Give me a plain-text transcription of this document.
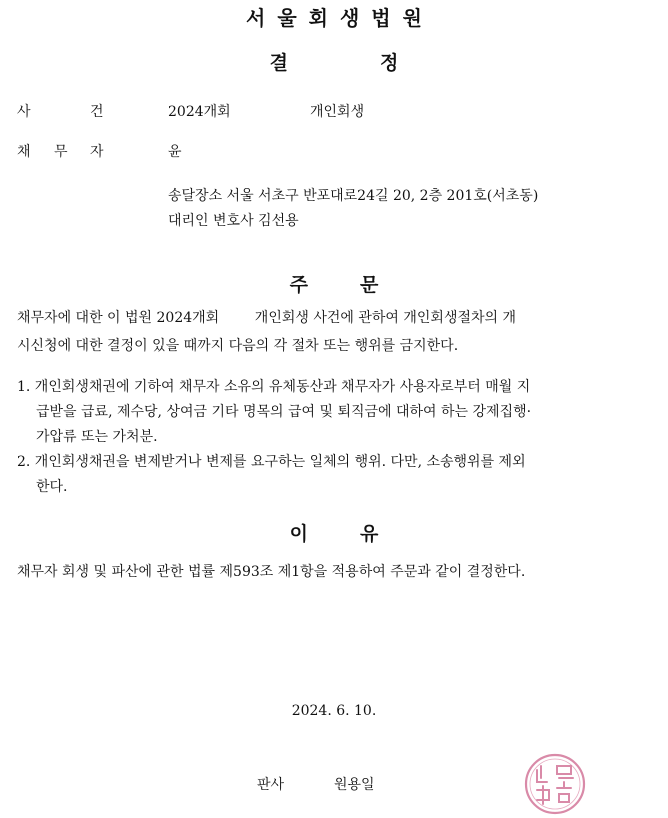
서울회생법원
결	정
사	건	2024개회	개인회생
채 무 자	윤
송달장소 서울 서초구 반포대로24길 20, 2층 201호(서초동)
대리인 변호사 김선용
주	문
채무자에 대한 이 법원 2024개회        개인회생 사건에 관하여 개인회생절차의 개
시신청에 대한 결정이 있을 때까지 다음의 각 절차 또는 행위를 금지한다.
1. 개인회생채권에 기하여 채무자 소유의 유체동산과 채무자가 사용자로부터 매월 지
급받을 급료, 제수당, 상여금 기타 명목의 급여 및 퇴직금에 대하여 하는 강제집행·
가압류 또는 가처분.
2. 개인회생채권을 변제받거나 변제를 요구하는 일체의 행위. 다만, 소송행위를 제외
한다.
이	유
채무자 회생 및 파산에 관한 법률 제593조 제1항을 적용하여 주문과 같이 결정한다.
2024. 6. 10.
판사	원용일
